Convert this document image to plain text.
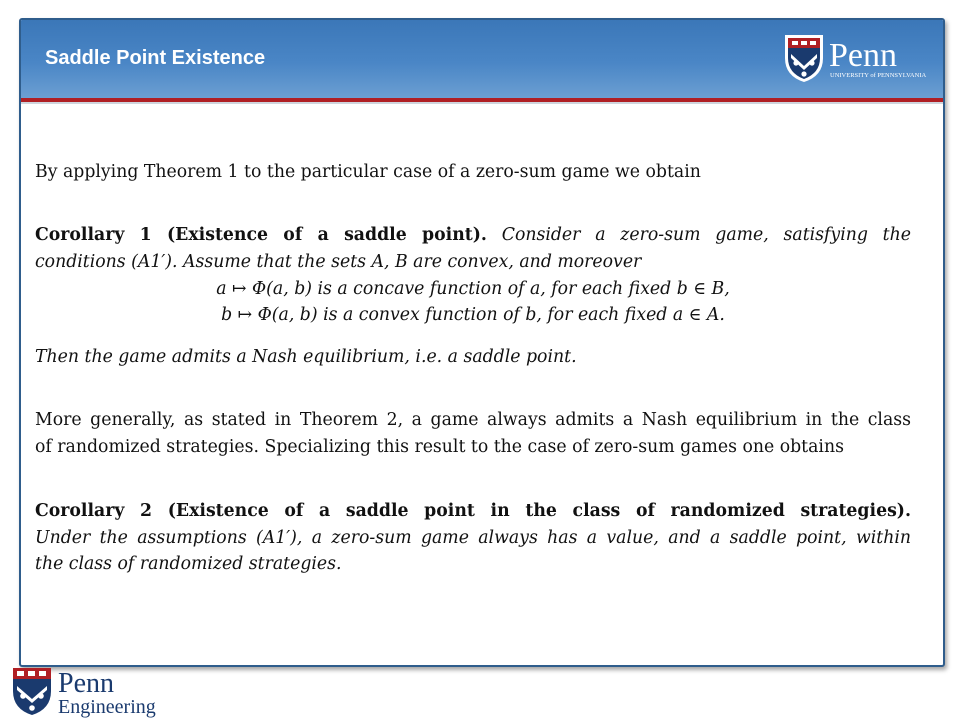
Saddle Point Existence	Penn
UNIVERSITY of PENNSYLVANIA
By applying Theorem 1 to the particular case of a zero-sum game we obtain
Corollary 1 (Existence of a saddle point). Consider a zero-sum game, satisfying the
conditions (A1′). Assume that the sets A, B are convex, and moreover
a ↦ Φ(a, b) is a concave function of a, for each fixed b ∈ B,
b ↦ Φ(a, b) is a convex function of b, for each fixed a ∈ A.
Then the game admits a Nash equilibrium, i.e. a saddle point.
More generally, as stated in Theorem 2, a game always admits a Nash equilibrium in the class
of randomized strategies. Specializing this result to the case of zero-sum games one obtains
Corollary 2 (Existence of a saddle point in the class of randomized strategies).
Under the assumptions (A1′), a zero-sum game always has a value, and a saddle point, within
the class of randomized strategies.
Penn
Engineering
